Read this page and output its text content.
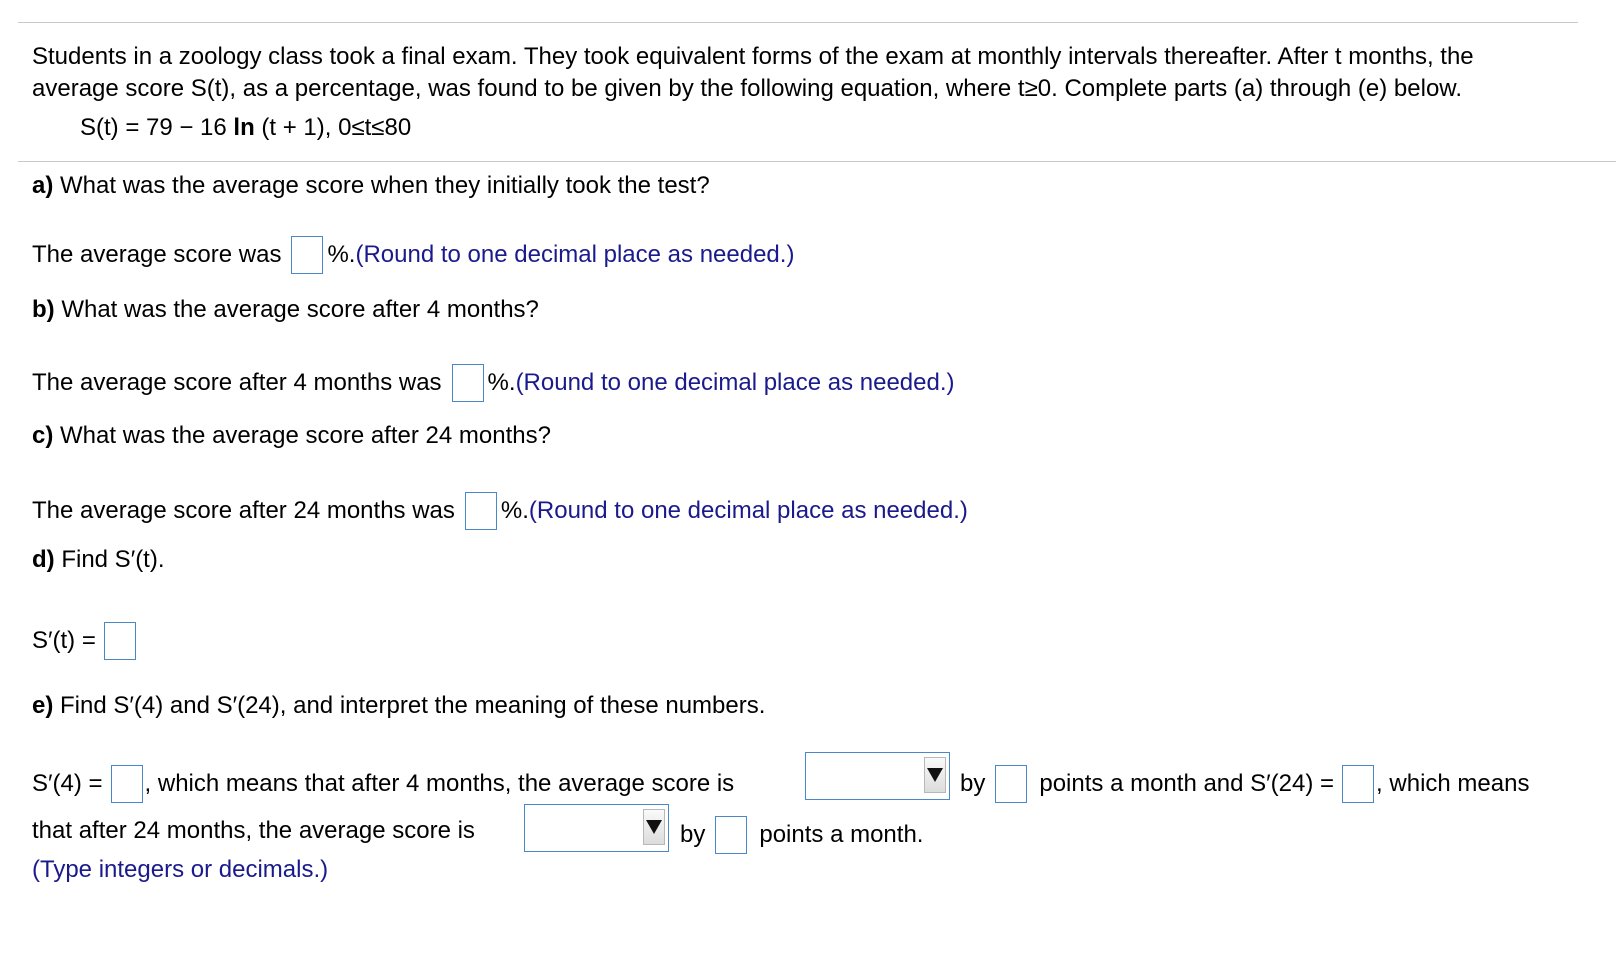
Students in a zoology class took a final exam. They took equivalent forms of the exam at monthly intervals thereafter. After t months, the
average score S(t), as a percentage, was found to be given by the following equation, where t≥0. Complete parts (a) through (e) below.
S(t) = 79 − 16 ln (t + 1), 0≤t≤80
a) What was the average score when they initially took the test?
The average score was %. (Round to one decimal place as needed.)
b) What was the average score after 4 months?
The average score after 4 months was %. (Round to one decimal place as needed.)
c) What was the average score after 24 months?
The average score after 24 months was %. (Round to one decimal place as needed.)
d) Find S′(t).
S′(t) =
e) Find S′(4) and S′(24), and interpret the meaning of these numbers.
S′(4) = , which means that after 4 months, the average score is	by points a month and S′(24) = , which means
that after 24 months, the average score is	by points a month.
(Type integers or decimals.)
